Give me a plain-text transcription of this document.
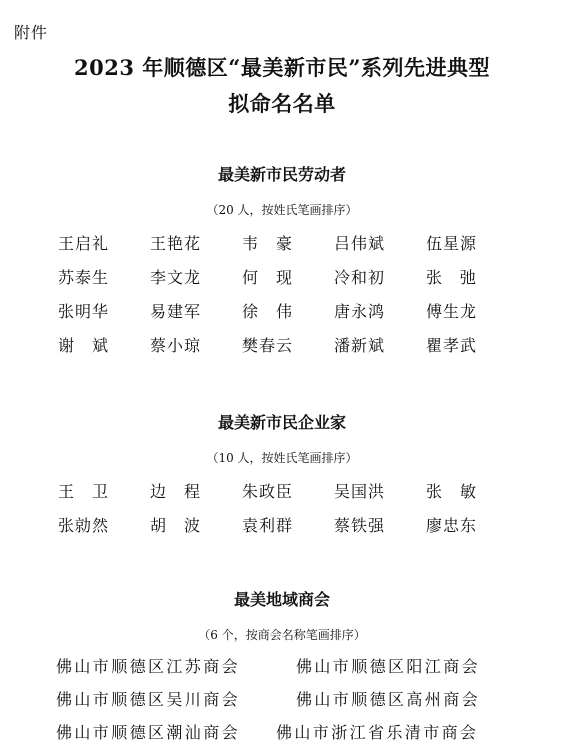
附件
2023 年顺德区“最美新市民”系列先进典型
拟命名名单
最美新市民劳动者
（20 人，按姓氏笔画排序）
王启礼	王艳花	韦　豪	吕伟斌	伍星源
苏泰生	李文龙	何　现	冷和初	张　弛
张明华	易建军	徐　伟	唐永鸿	傅生龙
谢　斌	蔡小琼	樊春云	潘新斌	瞿孝武
最美新市民企业家
（10 人，按姓氏笔画排序）
王　卫	边　程	朱政臣	吴国洪	张　敏
张勍然	胡　波	袁利群	蔡铁强	廖忠东
最美地域商会
（6 个，按商会名称笔画排序）
佛山市顺德区江苏商会	佛山市顺德区阳江商会
佛山市顺德区吴川商会	佛山市顺德区高州商会
佛山市顺德区潮汕商会	佛山市浙江省乐清市商会
